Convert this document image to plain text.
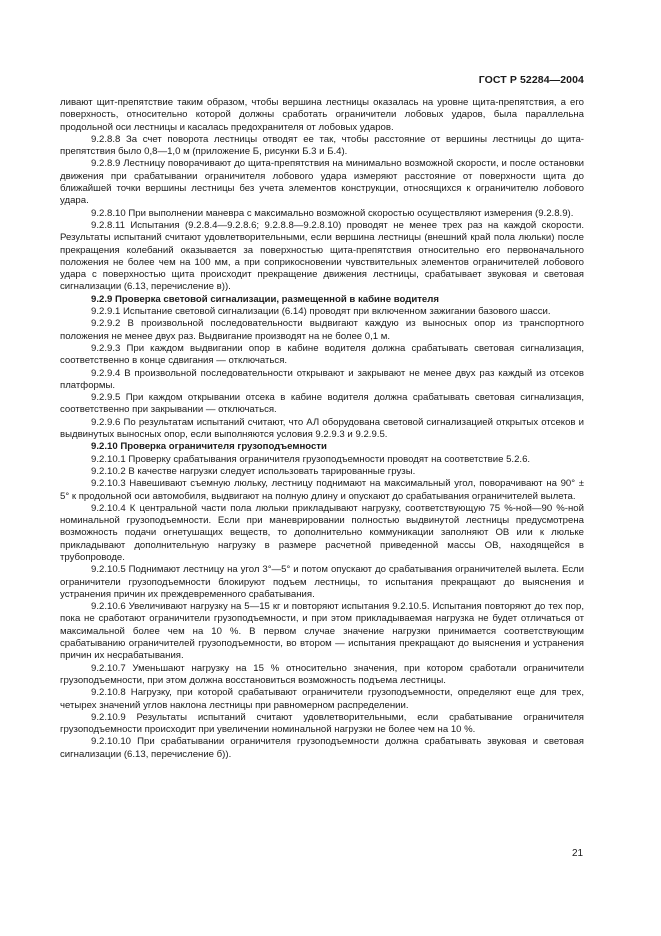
ГОСТ Р 52284—2004

ливают щит-препятствие таким образом, чтобы вершина лестницы оказалась на уровне щита-препятствия, а его поверхность, относительно которой должны сработать ограничители лобовых ударов, была параллельна продольной оси лестницы и касалась предохранителя от лобовых ударов.

9.2.8.8 За счет поворота лестницы отводят ее так, чтобы расстояние от вершины лестницы до щита-препятствия было 0,8—1,0 м (приложение Б, рисунки Б.3 и Б.4).

9.2.8.9 Лестницу поворачивают до щита-препятствия на минимально возможной скорости, и после остановки движения при срабатывании ограничителя лобового удара измеряют расстояние от поверхности щита до ближайшей точки вершины лестницы без учета элементов конструкции, относящихся к ограничителю лобового удара.

9.2.8.10 При выполнении маневра с максимально возможной скоростью осуществляют измерения (9.2.8.9).

9.2.8.11 Испытания (9.2.8.4—9.2.8.6; 9.2.8.8—9.2.8.10) проводят не менее трех раз на каждой скорости. Результаты испытаний считают удовлетворительными, если вершина лестницы (внешний край пола люльки) после прекращения колебаний оказывается за поверхностью щита-препятствия относительно его первоначального положения не более чем на 100 мм, а при соприкосновении чувствительных элементов ограничителей лобового удара с поверхностью щита происходит прекращение движения лестницы, срабатывает звуковая и световая сигнализации (6.13, перечисление в)).

9.2.9 Проверка световой сигнализации, размещенной в кабине водителя

9.2.9.1 Испытание световой сигнализации (6.14) проводят при включенном зажигании базового шасси.

9.2.9.2 В произвольной последовательности выдвигают каждую из выносных опор из транспортного положения не менее двух раз. Выдвигание производят на не более 0,1 м.

9.2.9.3 При каждом выдвигании опор в кабине водителя должна срабатывать световая сигнализация, соответственно в конце сдвигания — отключаться.

9.2.9.4 В произвольной последовательности открывают и закрывают не менее двух раз каждый из отсеков платформы.

9.2.9.5 При каждом открывании отсека в кабине водителя должна срабатывать световая сигнализация, соответственно при закрывании — отключаться.

9.2.9.6 По результатам испытаний считают, что АЛ оборудована световой сигнализацией открытых отсеков и выдвинутых выносных опор, если выполняются условия 9.2.9.3 и 9.2.9.5.

9.2.10 Проверка ограничителя грузоподъемности

9.2.10.1 Проверку срабатывания ограничителя грузоподъемности проводят на соответствие 5.2.6.

9.2.10.2 В качестве нагрузки следует использовать тарированные грузы.

9.2.10.3 Навешивают съемную люльку, лестницу поднимают на максимальный угол, поворачивают на 90° ± 5° к продольной оси автомобиля, выдвигают на полную длину и опускают до срабатывания ограничителей вылета.

9.2.10.4 К центральной части пола люльки прикладывают нагрузку, соответствующую 75 %-ной—90 %-ной номинальной грузоподъемности. Если при маневрировании полностью выдвинутой лестницы предусмотрена возможность подачи огнетушащих веществ, то дополнительно коммуникации заполняют ОВ или к люльке прикладывают дополнительную нагрузку в размере расчетной приведенной массы ОВ, находящейся в трубопроводе.

9.2.10.5 Поднимают лестницу на угол 3°—5° и потом опускают до срабатывания ограничителей вылета. Если ограничители грузоподъемности блокируют подъем лестницы, то испытания прекращают до выяснения и устранения причин их преждевременного срабатывания.

9.2.10.6 Увеличивают нагрузку на 5—15 кг и повторяют испытания 9.2.10.5. Испытания повторяют до тех пор, пока не сработают ограничители грузоподъемности, и при этом прикладываемая нагрузка не будет отличаться от максимальной более чем на 10 %. В первом случае значение нагрузки принимается соответствующим срабатыванию ограничителей грузоподъемности, во втором — испытания прекращают до выяснения и устранения причин их несрабатывания.

9.2.10.7 Уменьшают нагрузку на 15 % относительно значения, при котором сработали ограничители грузоподъемности, при этом должна восстановиться возможность подъема лестницы.

9.2.10.8 Нагрузку, при которой срабатывают ограничители грузоподъемности, определяют еще для трех, четырех значений углов наклона лестницы при равномерном распределении.

9.2.10.9 Результаты испытаний считают удовлетворительными, если срабатывание ограничителя грузоподъемности происходит при увеличении номинальной нагрузки не более чем на 10 %.

9.2.10.10 При срабатывании ограничителя грузоподъемности должна срабатывать звуковая и световая сигнализации (6.13, перечисление б)).

21
